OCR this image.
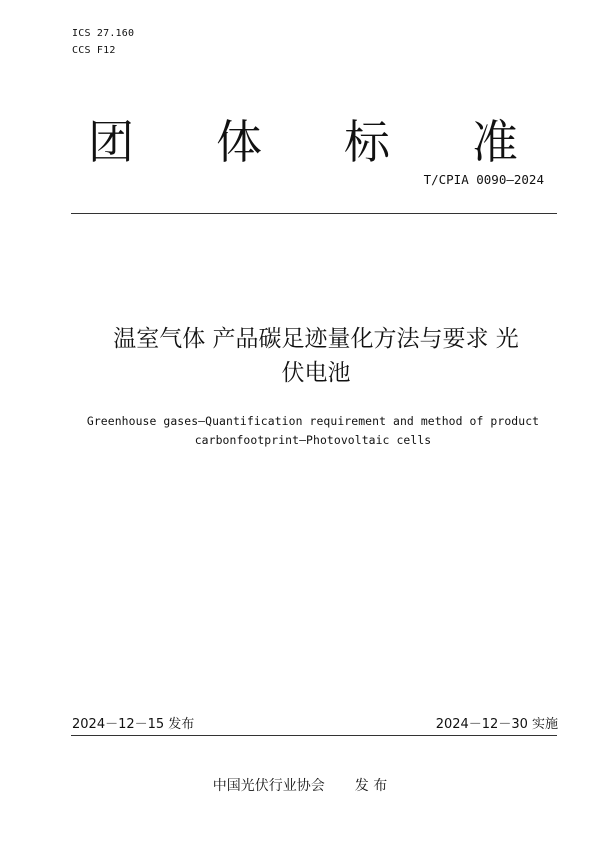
ICS 27.160
CCS F12
团 体 标 准
T/CPIA 0090—2024
温室气体 产品碳足迹量化方法与要求 光
伏电池
Greenhouse gases—Quantification requirement and method of product
carbonfootprint—Photovoltaic cells
2024－12－15 发布	2024－12－30 实施
中国光伏行业协会 发 布
